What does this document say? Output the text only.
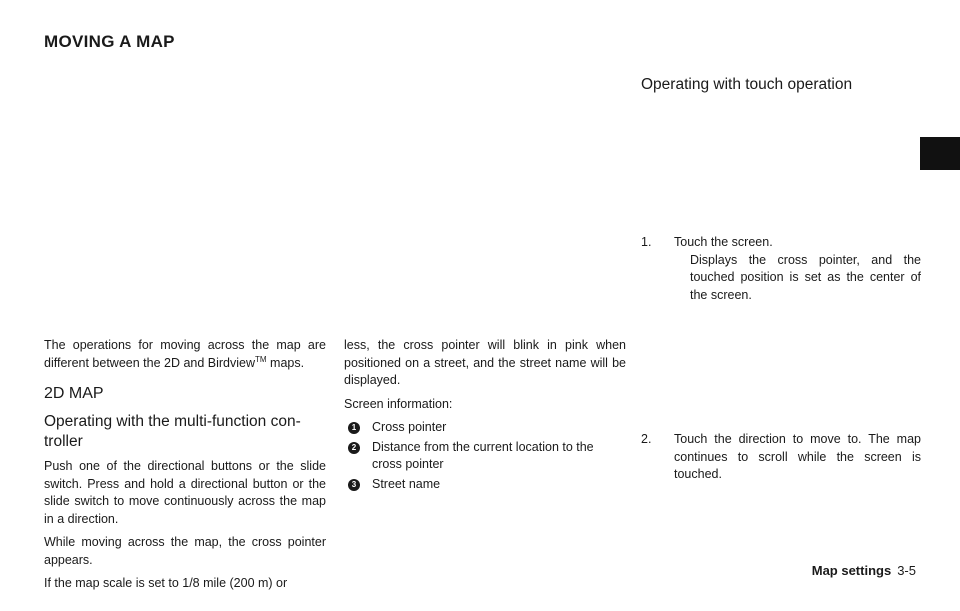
MOVING A MAP

The operations for moving across the map are different between the 2D and Birdview™ maps.

2D MAP
Operating with the multi-function con-troller

Push one of the directional buttons or the slide switch. Press and hold a directional button or the slide switch to move continuously across the map in a direction.

While moving across the map, the cross pointer appears.

If the map scale is set to 1/8 mile (200 m) or

less, the cross pointer will blink in pink when positioned on a street, and the street name will be displayed.

Screen information:

1	Cross pointer
2	Distance from the current location to the cross pointer
3	Street name
Operating with touch operation
1. Touch the screen.
Displays the cross pointer, and the touched position is set as the center of the screen.
2. Touch the direction to move to. The map continues to scroll while the screen is touched.
Map settings 3-5
